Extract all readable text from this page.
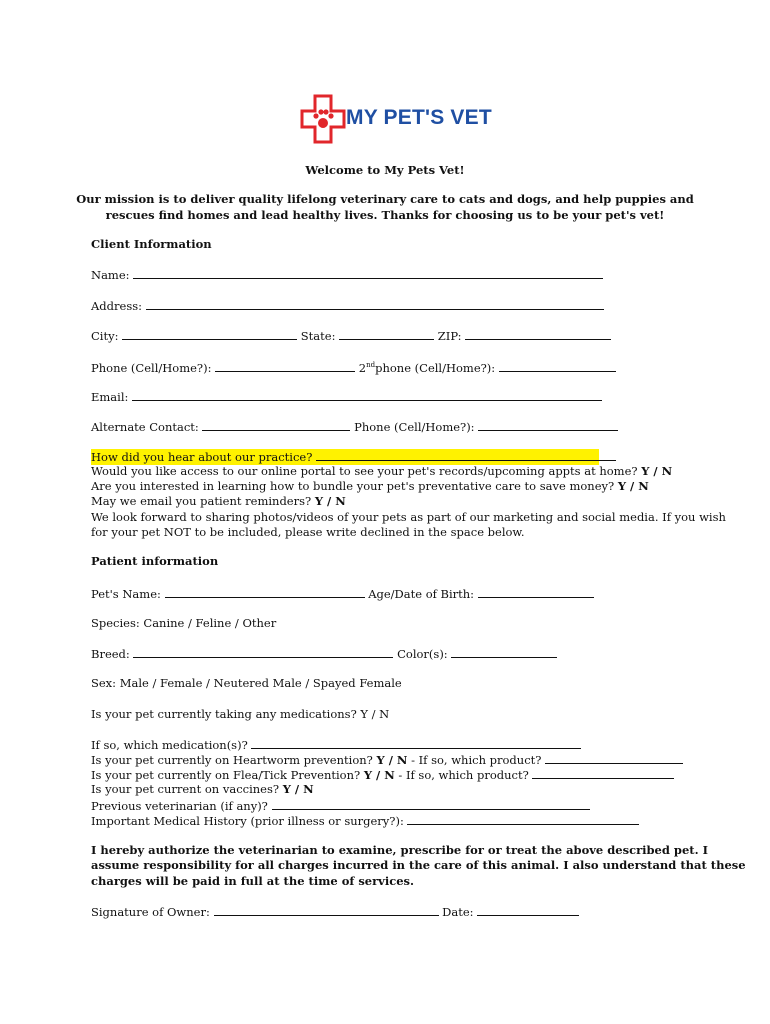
MY PET'S VET
Welcome to My Pets Vet!
Our mission is to deliver quality lifelong veterinary care to cats and dogs, and help puppies and
rescues find homes and lead healthy lives. Thanks for choosing us to be your pet's vet!
Client Information
Name:
Address:
City:	State:	ZIP:
Phone (Cell/Home?):	2ndphone (Cell/Home?):
Email:
Alternate Contact:	Phone (Cell/Home?):
How did you hear about our practice?
Would you like access to our online portal to see your pet's records/upcoming appts at home? Y / N
Are you interested in learning how to bundle your pet's preventative care to save money? Y / N
May we email you patient reminders? Y / N
We look forward to sharing photos/videos of your pets as part of our marketing and social media. If you wish
for your pet NOT to be included, please write declined in the space below.
Patient information
Pet's Name:	Age/Date of Birth:
Species: Canine / Feline / Other
Breed:	Color(s):
Sex: Male / Female / Neutered Male / Spayed Female
Is your pet currently taking any medications? Y / N
If so, which medication(s)?
Is your pet currently on Heartworm prevention? Y / N - If so, which product?
Is your pet currently on Flea/Tick Prevention? Y / N - If so, which product?
Is your pet current on vaccines? Y / N
Previous veterinarian (if any)?
Important Medical History (prior illness or surgery?):
I hereby authorize the veterinarian to examine, prescribe for or treat the above described pet. I
assume responsibility for all charges incurred in the care of this animal. I also understand that these
charges will be paid in full at the time of services.
Signature of Owner:	Date:
